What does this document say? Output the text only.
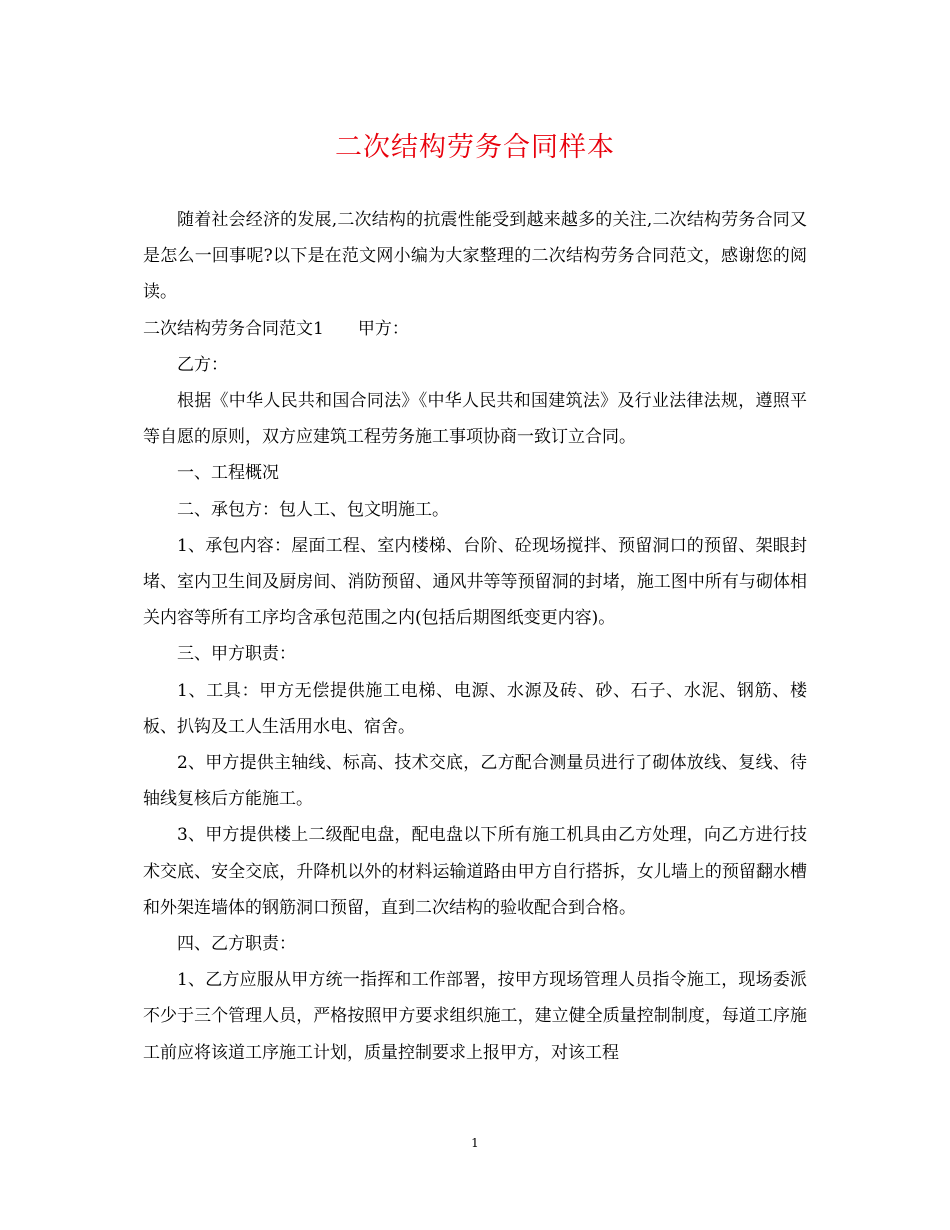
二次结构劳务合同样本

随着社会经济的发展,二次结构的抗震性能受到越来越多的关注,二次结构劳务合同又是怎么一回事呢?以下是在范文网小编为大家整理的二次结构劳务合同范文，感谢您的阅读。

二次结构劳务合同范文1 甲方：

乙方：

根据《中华人民共和国合同法》《中华人民共和国建筑法》及行业法律法规，遵照平等自愿的原则，双方应建筑工程劳务施工事项协商一致订立合同。

一、工程概况

二、承包方：包人工、包文明施工。

1、承包内容：屋面工程、室内楼梯、台阶、砼现场搅拌、预留洞口的预留、架眼封堵、室内卫生间及厨房间、消防预留、通风井等等预留洞的封堵，施工图中所有与砌体相关内容等所有工序均含承包范围之内(包括后期图纸变更内容)。

三、甲方职责：

1、工具：甲方无偿提供施工电梯、电源、水源及砖、砂、石子、水泥、钢筋、楼板、扒钩及工人生活用水电、宿舍。

2、甲方提供主轴线、标高、技术交底，乙方配合测量员进行了砌体放线、复线、待轴线复核后方能施工。

3、甲方提供楼上二级配电盘，配电盘以下所有施工机具由乙方处理，向乙方进行技术交底、安全交底，升降机以外的材料运输道路由甲方自行搭拆，女儿墙上的预留翻水槽和外架连墙体的钢筋洞口预留，直到二次结构的验收配合到合格。

四、乙方职责：

1、乙方应服从甲方统一指挥和工作部署，按甲方现场管理人员指令施工，现场委派不少于三个管理人员，严格按照甲方要求组织施工，建立健全质量控制制度，每道工序施工前应将该道工序施工计划，质量控制要求上报甲方，对该工程

1
